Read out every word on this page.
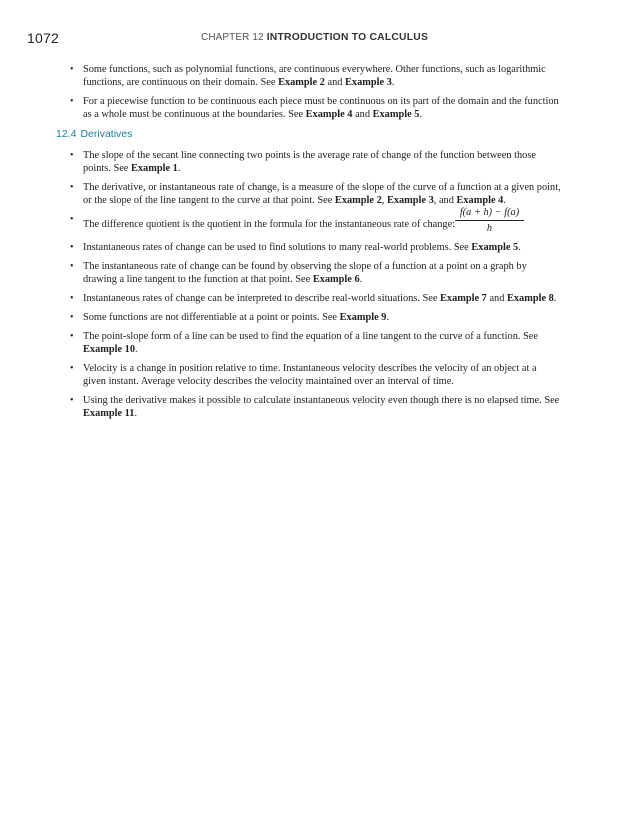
1072	CHAPTER 12 INTRODUCTION TO CALCULUS
• Some functions, such as polynomial functions, are continuous everywhere. Other functions, such as logarithmic functions, are continuous on their domain. See Example 2 and Example 3.
• For a piecewise function to be continuous each piece must be continuous on its part of the domain and the function as a whole must be continuous at the boundaries. See Example 4 and Example 5.
12.4 Derivatives
• The slope of the secant line connecting two points is the average rate of change of the function between those points. See Example 1.
• The derivative, or instantaneous rate of change, is a measure of the slope of the curve of a function at a given point, or the slope of the line tangent to the curve at that point. See Example 2, Example 3, and Example 4.
• The difference quotient is the quotient in the formula for the instantaneous rate of change: $\frac{f(a + h) - f(a)}{h}$
• Instantaneous rates of change can be used to find solutions to many real-world problems. See Example 5.
• The instantaneous rate of change can be found by observing the slope of a function at a point on a graph by drawing a line tangent to the function at that point. See Example 6.
• Instantaneous rates of change can be interpreted to describe real-world situations. See Example 7 and Example 8.
• Some functions are not differentiable at a point or points. See Example 9.
• The point-slope form of a line can be used to find the equation of a line tangent to the curve of a function. See Example 10.
• Velocity is a change in position relative to time. Instantaneous velocity describes the velocity of an object at a given instant. Average velocity describes the velocity maintained over an interval of time.
• Using the derivative makes it possible to calculate instantaneous velocity even though there is no elapsed time. See Example 11.
